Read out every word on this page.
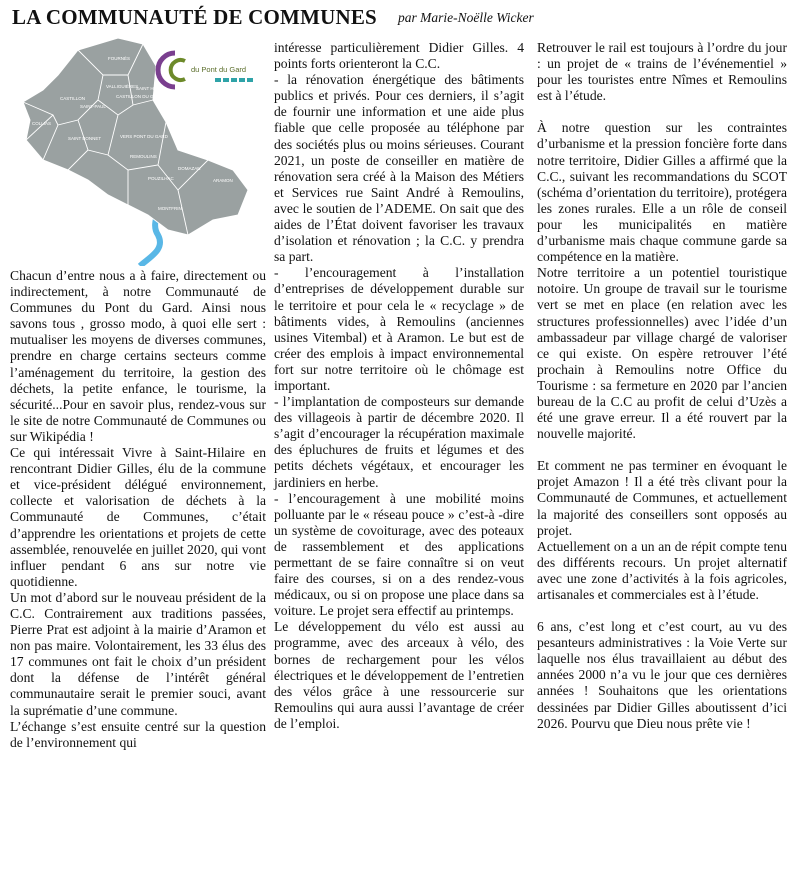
LA COMMUNAUTÉ DE COMMUNES par Marie-Noëlle Wicker
FOURNÈS
VALLIGUIÈRES
CASTILLON DU GARD
SAINT HILAIRE D'OZILHAN
CASTILLON
SAINT-PAUL
COLLIAS
SAINT BONNET	VERS PONT DU GARD
REMOULINS
POUZILHAC
DOMAZAN
ARAMON
MONTFRIN
du Pont du Gard

Chacun d’entre nous a à faire, directement ou indirectement, à notre Communauté de Communes du Pont du Gard. Ainsi nous savons tous , grosso modo, à quoi elle sert : mutualiser les moyens de diverses communes, prendre en charge certains secteurs comme l’aménagement du territoire, la gestion des déchets, la petite enfance, le tourisme, la sécurité...Pour en savoir plus, rendez-vous sur le site de notre Communauté de Communes ou sur Wikipédia !

Ce qui intéressait Vivre à Saint-Hilaire en rencontrant Didier Gilles, élu de la commune et vice-président délégué environnement, collecte et valorisation de déchets à la Communauté de Communes, c’était d’apprendre les orientations et projets de cette assemblée, renouvelée en juillet 2020, qui vont influer pendant 6 ans sur notre vie quotidienne.

Un mot d’abord sur le nouveau président de la C.C. Contrairement aux traditions passées, Pierre Prat est adjoint à la mairie d’Aramon et non pas maire. Volontairement, les 33 élus des 17 communes ont fait le choix d’un président dont la défense de l’intérêt général communautaire serait le premier souci, avant la suprématie d’une commune.

L’échange s’est ensuite centré sur la question de l’environnement qui

intéresse particulièrement Didier Gilles. 4 points forts orienteront la C.C.

- la rénovation énergétique des bâtiments publics et privés. Pour ces derniers, il s’agit de fournir une information et une aide plus fiable que celle proposée au téléphone par des sociétés plus ou moins sérieuses. Courant 2021, un poste de conseiller en matière de rénovation sera créé à la Maison des Métiers et Services rue Saint André à Remoulins, avec le soutien de l’ADEME. On sait que des aides de l’État doivent favoriser les travaux d’isolation et rénovation ; la C.C. y prendra sa part.

- l’encouragement à l’installation d’entreprises de développement durable sur le territoire et pour cela le « recyclage » de bâtiments vides, à Remoulins (anciennes usines Vitembal) et à Aramon. Le but est de créer des emplois à impact environnemental fort sur notre territoire où le chômage est important.

- l’implantation de composteurs sur demande des villageois à partir de décembre 2020. Il s’agit d’encourager la récupération maximale des épluchures de fruits et légumes et des petits déchets végétaux, et encourager les jardiniers en herbe.

- l’encouragement à une mobilité moins polluante par le « réseau pouce » c’est-à -dire un système de covoiturage, avec des poteaux de rassemblement et des applications permettant de se faire connaître si on veut faire des courses, si on a des rendez-vous médicaux, ou si on propose une place dans sa voiture. Le projet sera effectif au printemps.

Le développement du vélo est aussi au programme, avec des arceaux à vélo, des bornes de rechargement pour les vélos électriques et le développement de l’entretien des vélos grâce à une ressourcerie sur Remoulins qui aura aussi l’avantage de créer de l’emploi.

Retrouver le rail est toujours à l’ordre du jour : un projet de « trains de l’événementiel » pour les touristes entre Nîmes et Remoulins est à l’étude.

À notre question sur les contraintes d’urbanisme et la pression foncière forte dans notre territoire, Didier Gilles a affirmé que la C.C., suivant les recommandations du SCOT (schéma d’orientation du territoire), protégera les zones rurales. Elle a un rôle de conseil pour les municipalités en matière d’urbanisme mais chaque commune garde sa compétence en la matière.

Notre territoire a un potentiel touristique notoire. Un groupe de travail sur le tourisme vert se met en place (en relation avec les structures professionnelles) avec l’idée d’un ambassadeur par village chargé de valoriser ce qui existe. On espère retrouver l’été prochain à Remoulins notre Office du Tourisme : sa fermeture en 2020 par l’ancien bureau de la C.C au profit de celui d’Uzès a été une grave erreur. Il a été rouvert par la nouvelle majorité.

Et comment ne pas terminer en évoquant le projet Amazon ! Il a été très clivant pour la Communauté de Communes, et actuellement la majorité des conseillers sont opposés au projet.

Actuellement on a un an de répit compte tenu des différents recours. Un projet alternatif avec une zone d’activités à la fois agricoles, artisanales et commerciales est à l’étude.

6 ans, c’est long et c’est court, au vu des pesanteurs administratives : la Voie Verte sur laquelle nos élus travaillaient au début des années 2000 n’a vu le jour que ces dernières années ! Souhaitons que les orientations dessinées par Didier Gilles aboutissent d’ici 2026. Pourvu que Dieu nous prête vie !
